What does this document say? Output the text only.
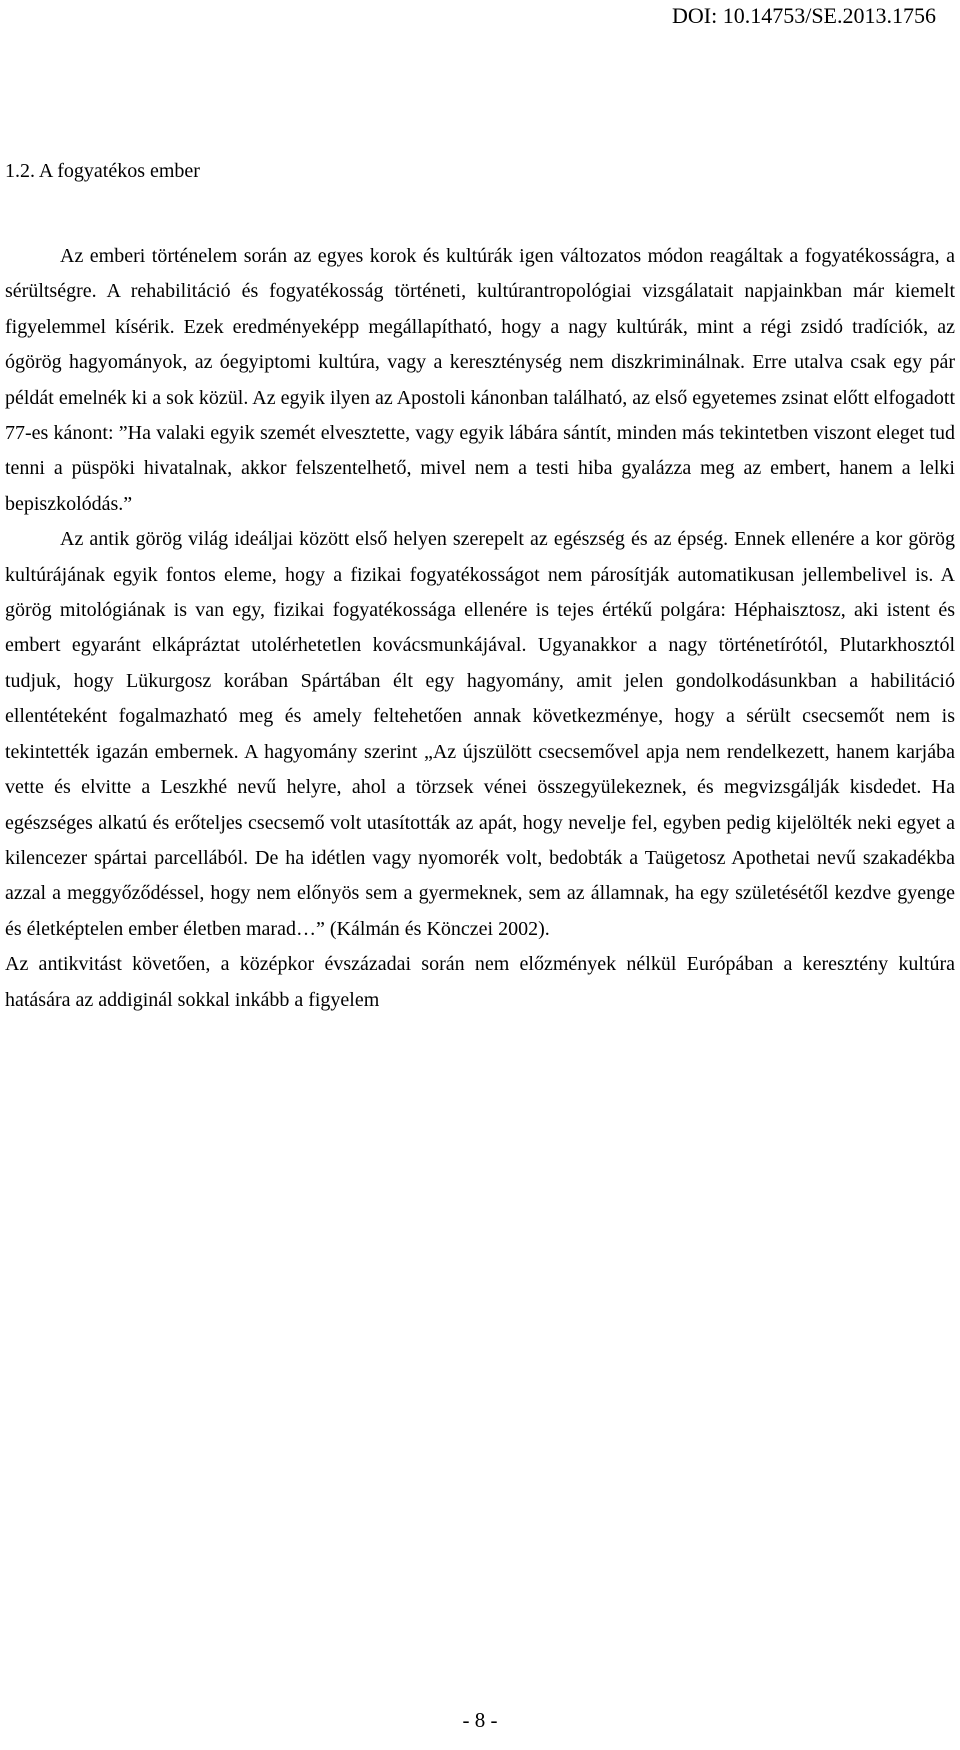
DOI: 10.14753/SE.2013.1756
1.2. A fogyatékos ember

Az emberi történelem során az egyes korok és kultúrák igen változatos módon reagáltak a fogyatékosságra, a sérültségre. A rehabilitáció és fogyatékosság történeti, kultúrantropológiai vizsgálatait napjainkban már kiemelt figyelemmel kísérik. Ezek eredményeképp megállapítható, hogy a nagy kultúrák, mint a régi zsidó tradíciók, az ógörög hagyományok, az óegyiptomi kultúra, vagy a kereszténység nem diszkriminálnak. Erre utalva csak egy pár példát emelnék ki a sok közül. Az egyik ilyen az Apostoli kánonban található, az első egyetemes zsinat előtt elfogadott 77-es kánont: ”Ha valaki egyik szemét elvesztette, vagy egyik lábára sántít, minden más tekintetben viszont eleget tud tenni a püspöki hivatalnak, akkor felszentelhető, mivel nem a testi hiba gyalázza meg az embert, hanem a lelki bepiszkolódás.”

Az antik görög világ ideáljai között első helyen szerepelt az egészség és az épség. Ennek ellenére a kor görög kultúrájának egyik fontos eleme, hogy a fizikai fogyatékosságot nem párosítják automatikusan jellembelivel is. A görög mitológiának is van egy, fizikai fogyatékossága ellenére is tejes értékű polgára: Héphaisztosz, aki istent és embert egyaránt elkápráztat utolérhetetlen kovácsmunkájával. Ugyanakkor a nagy történetírótól, Plutarkhosztól tudjuk, hogy Lükurgosz korában Spártában élt egy hagyomány, amit jelen gondolkodásunkban a habilitáció ellentéteként fogalmazható meg és amely feltehetően annak következménye, hogy a sérült csecsemőt nem is tekintették igazán embernek. A hagyomány szerint „Az újszülött csecsemővel apja nem rendelkezett, hanem karjába vette és elvitte a Leszkhé nevű helyre, ahol a törzsek vénei összegyülekeznek, és megvizsgálják kisdedet. Ha egészséges alkatú és erőteljes csecsemő volt utasították az apát, hogy nevelje fel, egyben pedig kijelölték neki egyet a kilencezer spártai parcellából. De ha idétlen vagy nyomorék volt, bedobták a Taügetosz Apothetai nevű szakadékba azzal a meggyőződéssel, hogy nem előnyös sem a gyermeknek, sem az államnak, ha egy születésétől kezdve gyenge és életképtelen ember életben marad…” (Kálmán és Könczei 2002).

Az antikvitást követően, a középkor évszázadai során nem előzmények nélkül Európában a keresztény kultúra hatására az addiginál sokkal inkább a figyelem

- 8 -
